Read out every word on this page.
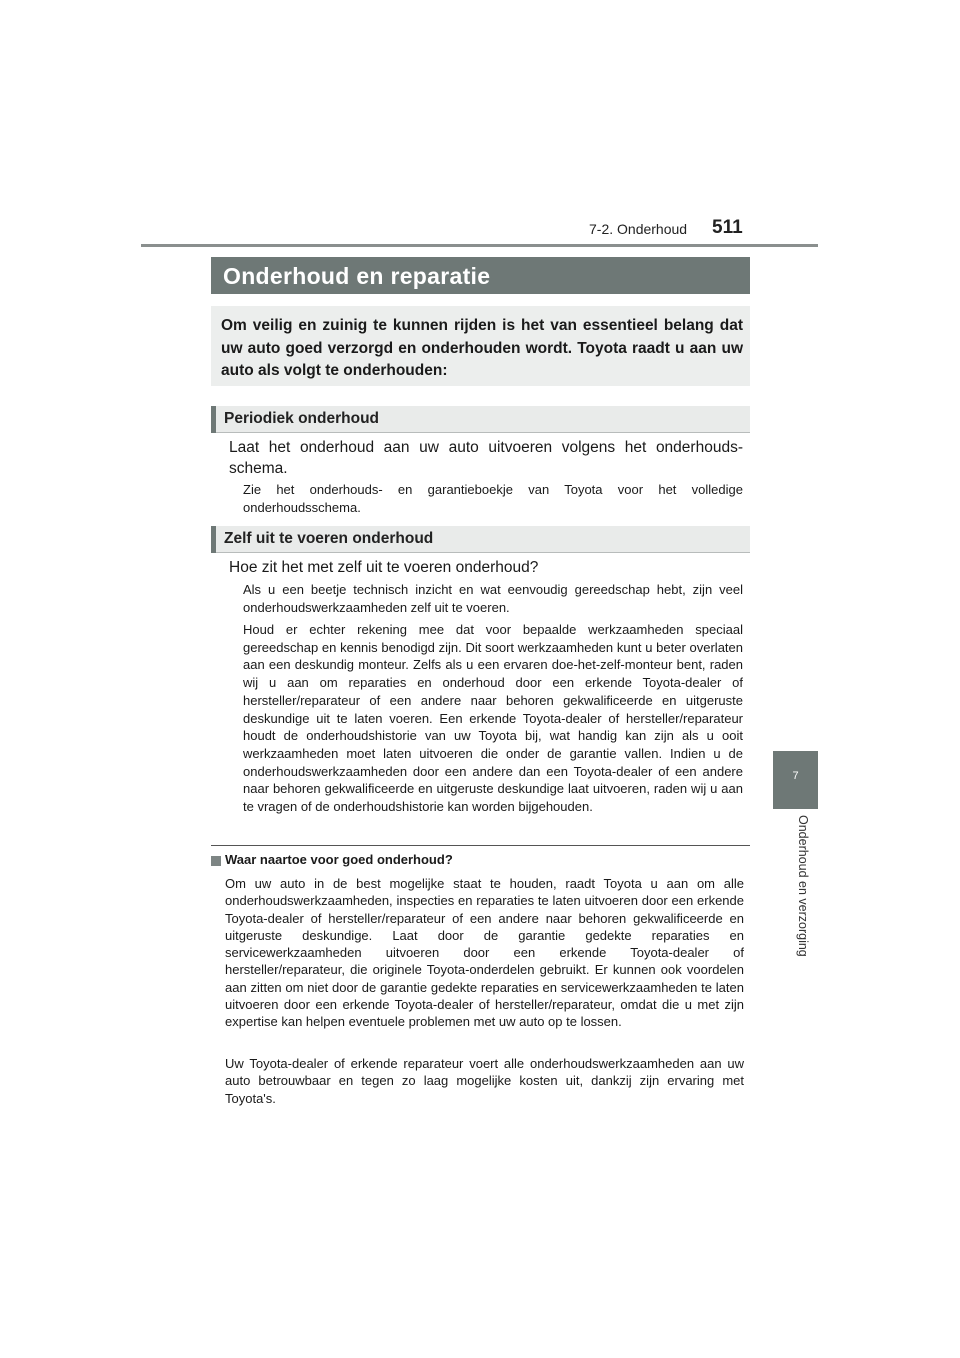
7-2. Onderhoud 511
7
Onderhoud en verzorging
Onderhoud en reparatie
Om veilig en zuinig te kunnen rijden is het van essentieel belang dat uw auto goed verzorgd en onderhouden wordt. Toyota raadt u aan uw auto als volgt te onderhouden:
Periodiek onderhoud
Laat het onderhoud aan uw auto uitvoeren volgens het onderhoudsschema.
Zie het onderhouds- en garantieboekje van Toyota voor het volledige onderhoudsschema.
Zelf uit te voeren onderhoud
Hoe zit het met zelf uit te voeren onderhoud?
Als u een beetje technisch inzicht en wat eenvoudig gereedschap hebt, zijn veel onderhoudswerkzaamheden zelf uit te voeren.
Houd er echter rekening mee dat voor bepaalde werkzaamheden speciaal gereedschap en kennis benodigd zijn. Dit soort werkzaamheden kunt u beter overlaten aan een deskundig monteur. Zelfs als u een ervaren doe-het-zelf-monteur bent, raden wij u aan om reparaties en onderhoud door een erkende Toyota-dealer of hersteller/reparateur of een andere naar behoren gekwalificeerde en uitgeruste deskundige uit te laten voeren. Een erkende Toyota-dealer of hersteller/reparateur houdt de onderhoudshistorie van uw Toyota bij, wat handig kan zijn als u ooit werkzaamheden moet laten uitvoeren die onder de garantie vallen. Indien u de onderhoudswerkzaamheden door een andere dan een Toyota-dealer of een andere naar behoren gekwalificeerde en uitgeruste deskundige laat uitvoeren, raden wij u aan te vragen of de onderhoudshistorie kan worden bijgehouden.
Waar naartoe voor goed onderhoud?
Om uw auto in de best mogelijke staat te houden, raadt Toyota u aan om alle onderhoudswerkzaamheden, inspecties en reparaties te laten uitvoeren door een erkende Toyota-dealer of hersteller/reparateur of een andere naar behoren gekwalificeerde en uitgeruste deskundige. Laat door de garantie gedekte reparaties en servicewerkzaamheden uitvoeren door een erkende Toyota-dealer of hersteller/reparateur, die originele Toyota-onderdelen gebruikt. Er kunnen ook voordelen aan zitten om niet door de garantie gedekte reparaties en servicewerkzaamheden te laten uitvoeren door een erkende Toyota-dealer of hersteller/reparateur, omdat die u met zijn expertise kan helpen eventuele problemen met uw auto op te lossen.
Uw Toyota-dealer of erkende reparateur voert alle onderhoudswerkzaamheden aan uw auto betrouwbaar en tegen zo laag mogelijke kosten uit, dankzij zijn ervaring met Toyota's.
